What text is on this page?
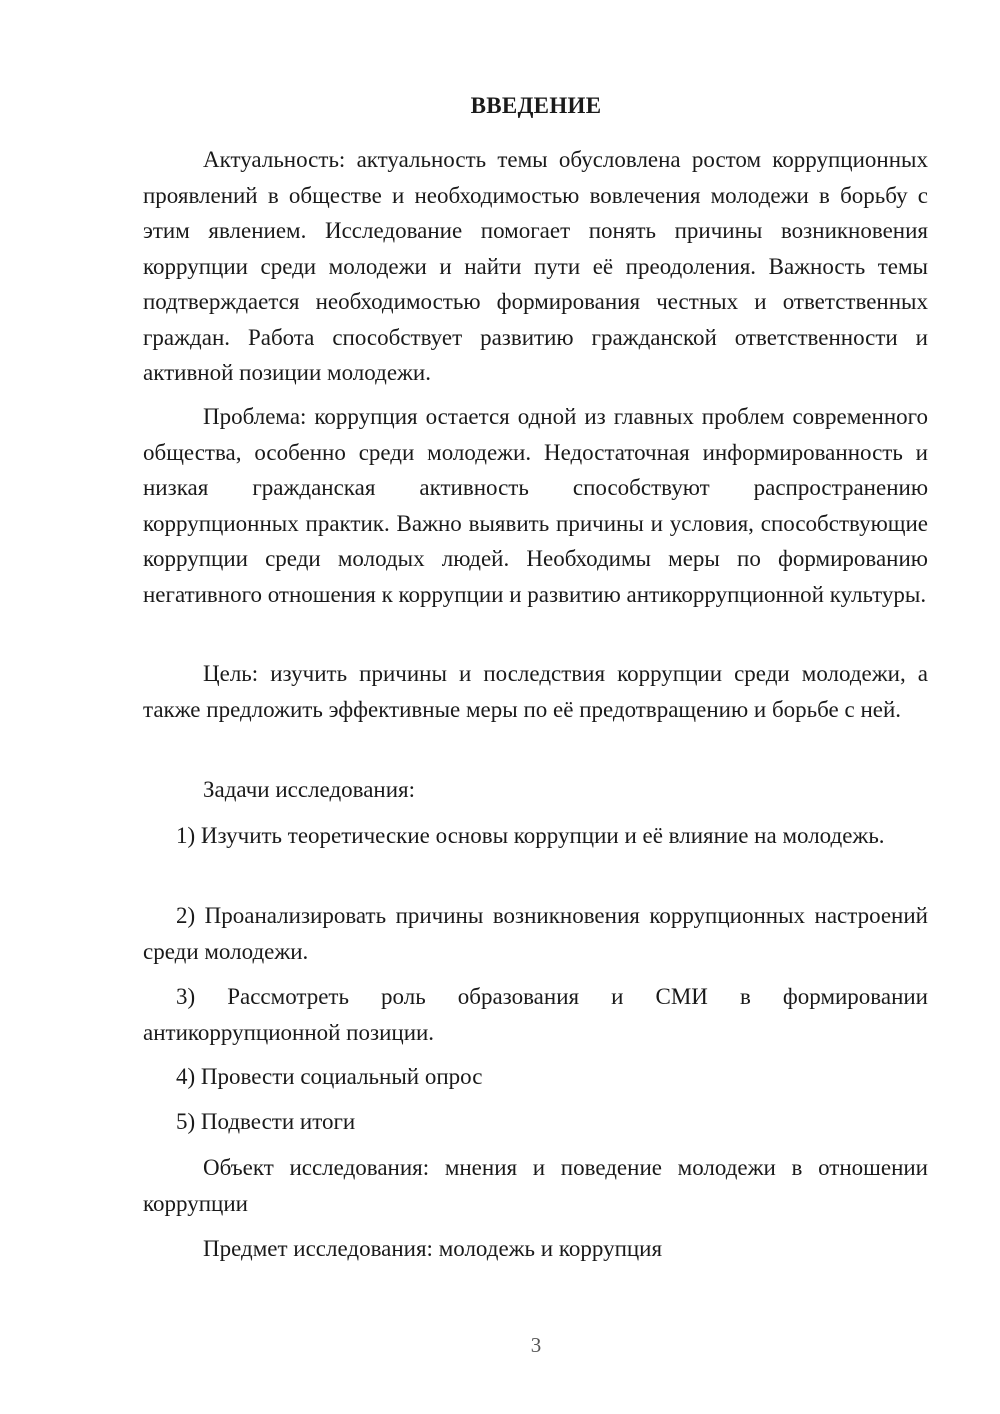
ВВЕДЕНИЕ

Актуальность: актуальность темы обусловлена ростом коррупционных проявлений в обществе и необходимостью вовлечения молодежи в борьбу с этим явлением. Исследование помогает понять причины возникновения коррупции среди молодежи и найти пути её преодоления. Важность темы подтверждается необходимостью формирования честных и ответственных граждан. Работа способствует развитию гражданской ответственности и активной позиции молодежи.

Проблема: коррупция остается одной из главных проблем современного общества, особенно среди молодежи. Недостаточная информированность и низкая гражданская активность способствуют распространению коррупционных практик. Важно выявить причины и условия, способствующие коррупции среди молодых людей. Необходимы меры по формированию негативного отношения к коррупции и развитию антикоррупционной культуры.

Цель: изучить причины и последствия коррупции среди молодежи, а также предложить эффективные меры по её предотвращению и борьбе с ней.

Задачи исследования:

1) Изучить теоретические основы коррупции и её влияние на молодежь.

2) Проанализировать причины возникновения коррупционных настроений среди молодежи.

3) Рассмотреть роль образования и СМИ в формировании антикоррупционной позиции.

4) Провести социальный опрос

5) Подвести итоги

Объект исследования: мнения и поведение молодежи в отношении коррупции

Предмет исследования: молодежь и коррупция

3
